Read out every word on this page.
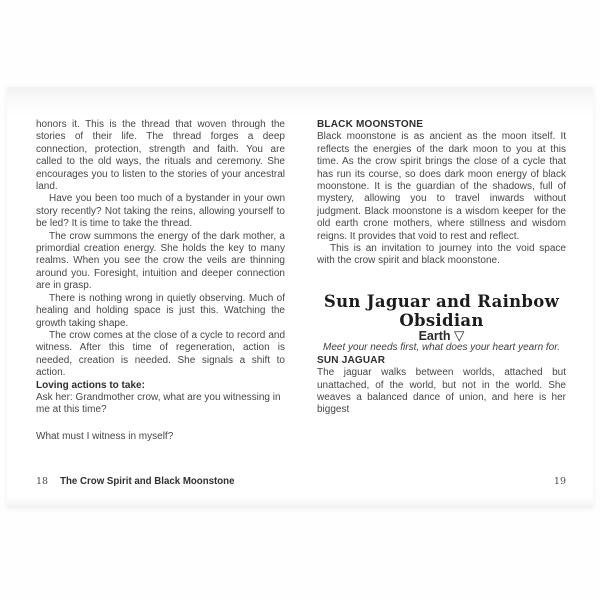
honors it. This is the thread that woven through the stories of their life. The thread forges a deep connection, protection, strength and faith. You are called to the old ways, the rituals and ceremony. She encourages you to listen to the stories of your ancestral land.

Have you been too much of a bystander in your own story recently? Not taking the reins, allowing yourself to be led? It is time to take the thread.

The crow summons the energy of the dark mother, a primordial creation energy. She holds the key to many realms. When you see the crow the veils are thinning around you. Foresight, intuition and deeper connection are in grasp.

There is nothing wrong in quietly observing. Much of healing and holding space is just this. Watching the growth taking shape.

The crow comes at the close of a cycle to record and witness. After this time of regeneration, action is needed, creation is needed. She signals a shift to action.

Loving actions to take:

Ask her: Grandmother crow, what are you witnessing in me at this time?

What must I witness in myself?

18 The Crow Spirit and Black Moonstone

BLACK MOONSTONE

Black moonstone is as ancient as the moon itself. It reflects the energies of the dark moon to you at this time. As the crow spirit brings the close of a cycle that has run its course, so does dark moon energy of black moonstone. It is the guardian of the shadows, full of mystery, allowing you to travel inwards without judgment. Black moonstone is a wisdom keeper for the old earth crone mothers, where stillness and wisdom reigns. It provides that void to rest and reflect.

This is an invitation to journey into the void space with the crow spirit and black moonstone.

Sun Jaguar and Rainbow Obsidian

Earth ▽

Meet your needs first, what does your heart yearn for.

SUN JAGUAR

The jaguar walks between worlds, attached but unattached, of the world, but not in the world. She weaves a balanced dance of union, and here is her biggest

19
